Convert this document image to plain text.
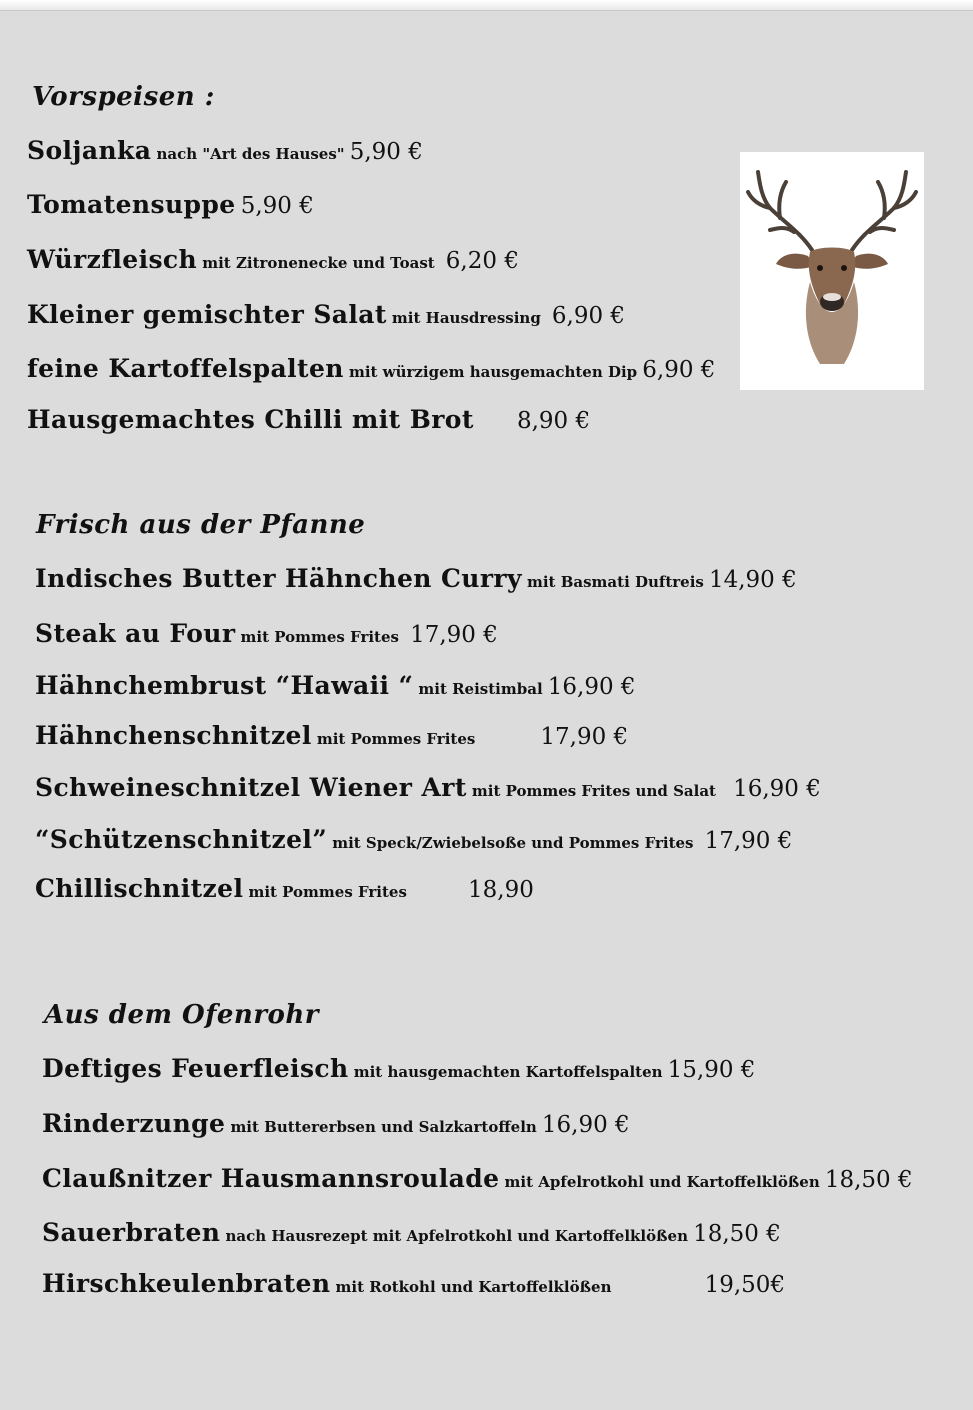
Vorspeisen :
Soljanka nach "Art des Hauses" 5,90 €
Tomatensuppe 5,90 €
Würzfleisch mit Zitronenecke und Toast 6,20 €
Kleiner gemischter Salat mit Hausdressing 6,90 €
feine Kartoffelspalten mit würzigem hausgemachten Dip 6,90 €
Hausgemachtes Chilli mit Brot 8,90 €
Frisch aus der Pfanne
Indisches Butter Hähnchen Curry mit Basmati Duftreis 14,90 €
Steak au Four mit Pommes Frites 17,90 €
Hähnchembrust “Hawaii “ mit Reistimbal 16,90 €
Hähnchenschnitzel mit Pommes Frites	17,90 €
Schweineschnitzel Wiener Art mit Pommes Frites und Salat 16,90 €
“Schützenschnitzel” mit Speck/Zwiebelsoße und Pommes Frites 17,90 €
Chillischnitzel mit Pommes Frites	18,90
Aus dem Ofenrohr
Deftiges Feuerfleisch mit hausgemachten Kartoffelspalten 15,90 €
Rinderzunge mit Buttererbsen und Salzkartoffeln 16,90 €
Claußnitzer Hausmannsroulade mit Apfelrotkohl und Kartoffelklößen 18,50 €
Sauerbraten nach Hausrezept mit Apfelrotkohl und Kartoffelklößen 18,50 €
Hirschkeulenbraten mit Rotkohl und Kartoffelklößen	19,50€
